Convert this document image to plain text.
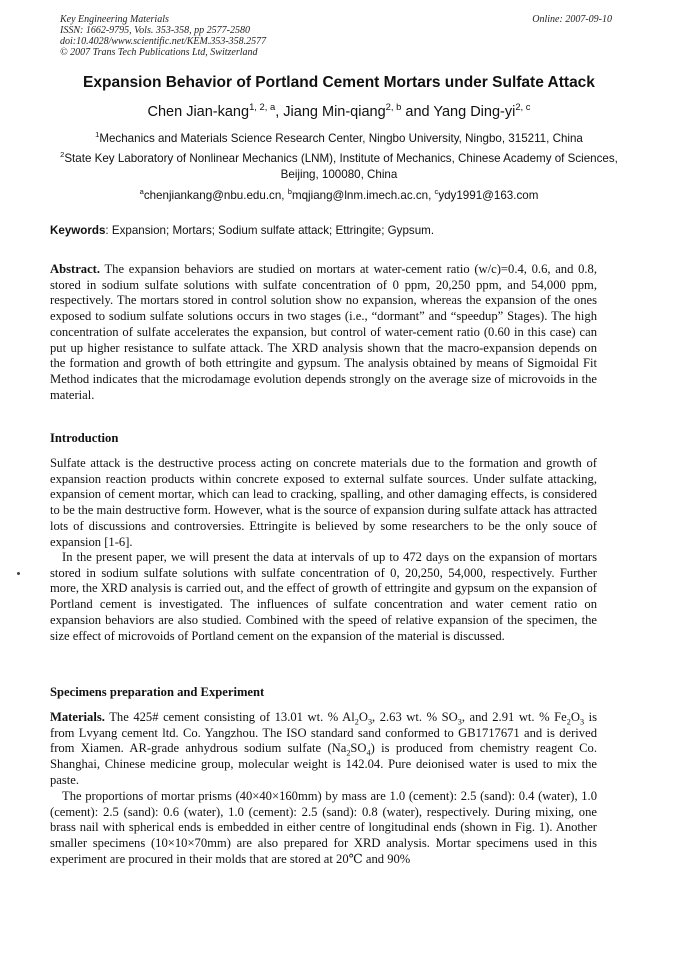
Key Engineering Materials
ISSN: 1662-9795, Vols. 353-358, pp 2577-2580
doi:10.4028/www.scientific.net/KEM.353-358.2577
© 2007 Trans Tech Publications Ltd, Switzerland
Online: 2007-09-10
Expansion Behavior of Portland Cement Mortars under Sulfate Attack
Chen Jian-kang$^{1, 2, a}$, Jiang Min-qiang$^{2, b}$ and Yang Ding-yi$^{2, c}$
$^1$Mechanics and Materials Science Research Center, Ningbo University, Ningbo, 315211, China
$^2$State Key Laboratory of Nonlinear Mechanics (LNM), Institute of Mechanics, Chinese Academy of Sciences, Beijing, 100080, China
$^a$chenjiankang@nbu.edu.cn, $^b$mqjiang@lnm.imech.ac.cn, $^c$ydy1991@163.com
Keywords: Expansion; Mortars; Sodium sulfate attack; Ettringite; Gypsum.

Abstract. The expansion behaviors are studied on mortars at water-cement ratio (w/c)=0.4, 0.6, and 0.8, stored in sodium sulfate solutions with sulfate concentration of 0 ppm, 20,250 ppm, and 54,000 ppm, respectively. The mortars stored in control solution show no expansion, whereas the expansion of the ones exposed to sodium sulfate solutions occurs in two stages (i.e., “dormant” and “speedup” Stages). The high concentration of sulfate accelerates the expansion, but control of water-cement ratio (0.60 in this case) can put up higher resistance to sulfate attack. The XRD analysis shown that the macro-expansion depends on the formation and growth of both ettringite and gypsum. The analysis obtained by means of Sigmoidal Fit Method indicates that the microdamage evolution depends strongly on the average size of microvoids in the material.

Introduction

Sulfate attack is the destructive process acting on concrete materials due to the formation and growth of expansion reaction products within concrete exposed to external sulfate sources. Under sulfate attacking, expansion of cement mortar, which can lead to cracking, spalling, and other damaging effects, is considered to be the main destructive form. However, what is the source of expansion during sulfate attack has attracted lots of discussions and controversies. Ettringite is believed by some researchers to be the only souce of expansion [1-6].

In the present paper, we will present the data at intervals of up to 472 days on the expansion of mortars stored in sodium sulfate solutions with sulfate concentration of 0, 20,250, 54,000, respectively. Further more, the XRD analysis is carried out, and the effect of growth of ettringite and gypsum on the expansion of Portland cement is investigated. The influences of sulfate concentration and water cement ratio on expansion behaviors are also studied. Combined with the speed of relative expansion of the specimen, the size effect of microvoids of Portland cement on the expansion of the material is discussed.

Specimens preparation and Experiment

Materials. The 425# cement consisting of 13.01 wt. % $Al_2O_3$, 2.63 wt. % $SO_3$, and 2.91 wt. % $Fe_2O_3$ is from Lvyang cement ltd. Co. Yangzhou. The ISO standard sand conformed to GB1717671 and is derived from Xiamen. AR-grade anhydrous sodium sulfate $(Na_2SO_4)$ is produced from chemistry reagent Co. Shanghai, Chinese medicine group, molecular weight is 142.04. Pure deionised water is used to mix the paste.

The proportions of mortar prisms (40×40×160mm) by mass are 1.0 (cement): 2.5 (sand): 0.4 (water), 1.0 (cement): 2.5 (sand): 0.6 (water), 1.0 (cement): 2.5 (sand): 0.8 (water), respectively. During mixing, one brass nail with spherical ends is embedded in either centre of longitudinal ends (shown in Fig. 1). Another smaller specimens (10×10×70mm) are also prepared for XRD analysis. Mortar specimens used in this experiment are procured in their molds that are stored at 20℃ and 90%
